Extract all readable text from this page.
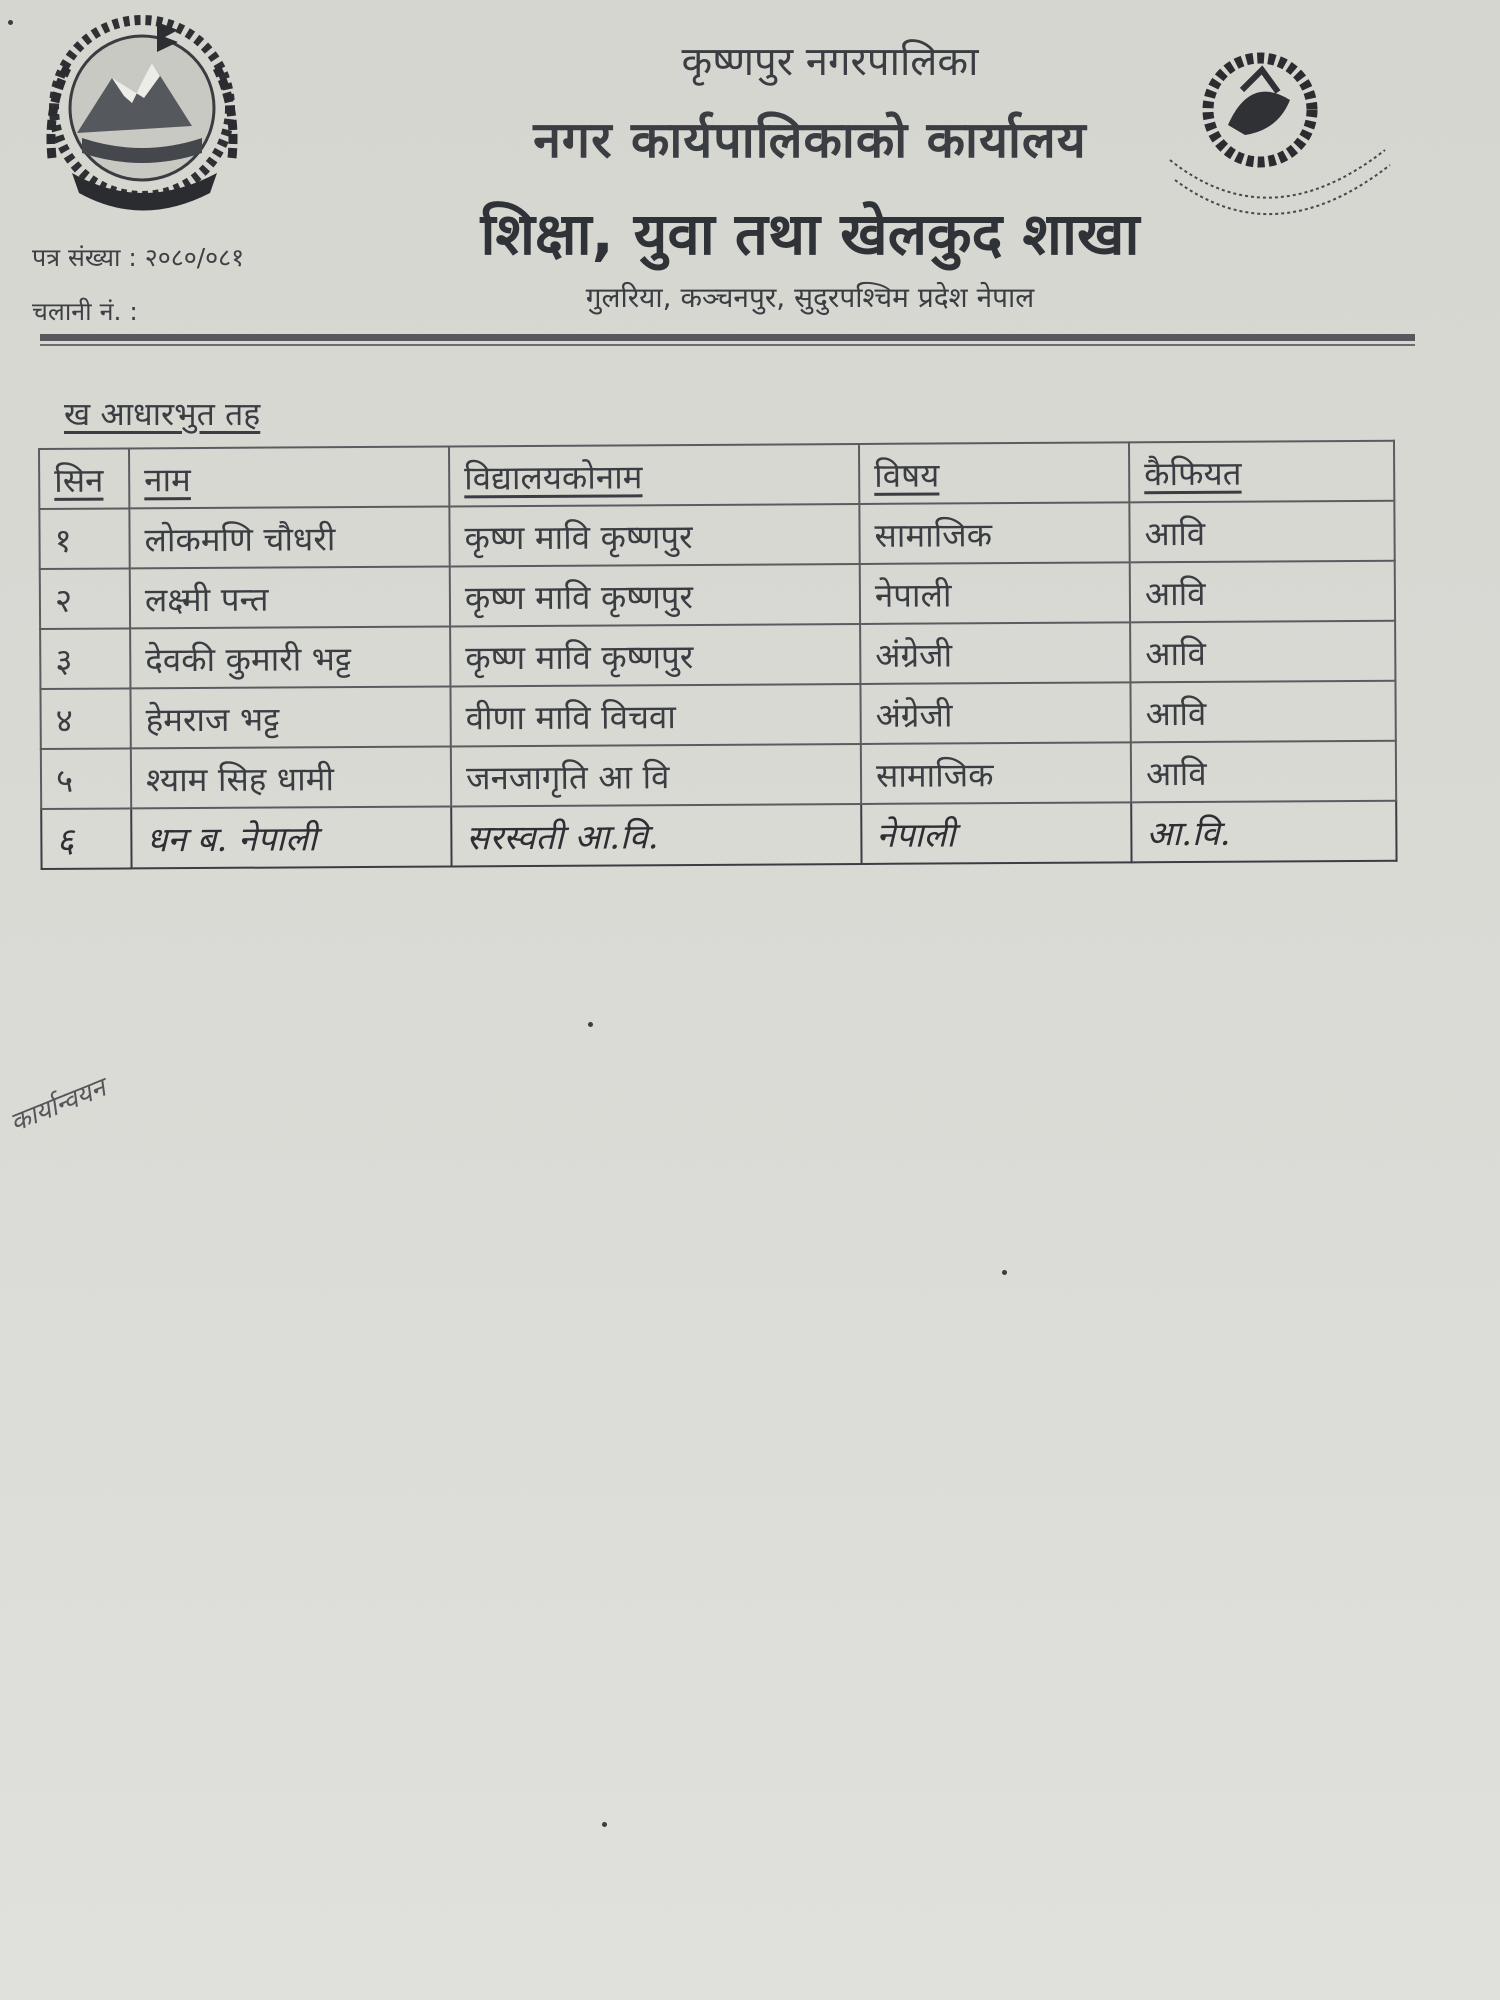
कृष्णपुर नगरपालिका
नगर कार्यपालिकाको कार्यालय
शिक्षा, युवा तथा खेलकुद शाखा
गुलरिया, कञ्चनपुर, सुदुरपश्चिम प्रदेश नेपाल
पत्र संख्या : २०८०/०८१
चलानी नं. :
ख आधारभुत तह
सिन	नाम	विद्यालयकोनाम	विषय	कैफियत
१	लोकमणि चौधरी	कृष्ण मावि कृष्णपुर	सामाजिक	आवि
२	लक्ष्मी पन्त	कृष्ण मावि कृष्णपुर	नेपाली	आवि
३	देवकी कुमारी भट्ट	कृष्ण मावि कृष्णपुर	अंग्रेजी	आवि
४	हेमराज भट्ट	वीणा मावि विचवा	अंग्रेजी	आवि
५	श्याम सिह धामी	जनजागृति आ वि	सामाजिक	आवि
६	धन ब. नेपाली	सरस्वती आ.वि.	नेपाली	आ.वि.
कार्यान्वयन
